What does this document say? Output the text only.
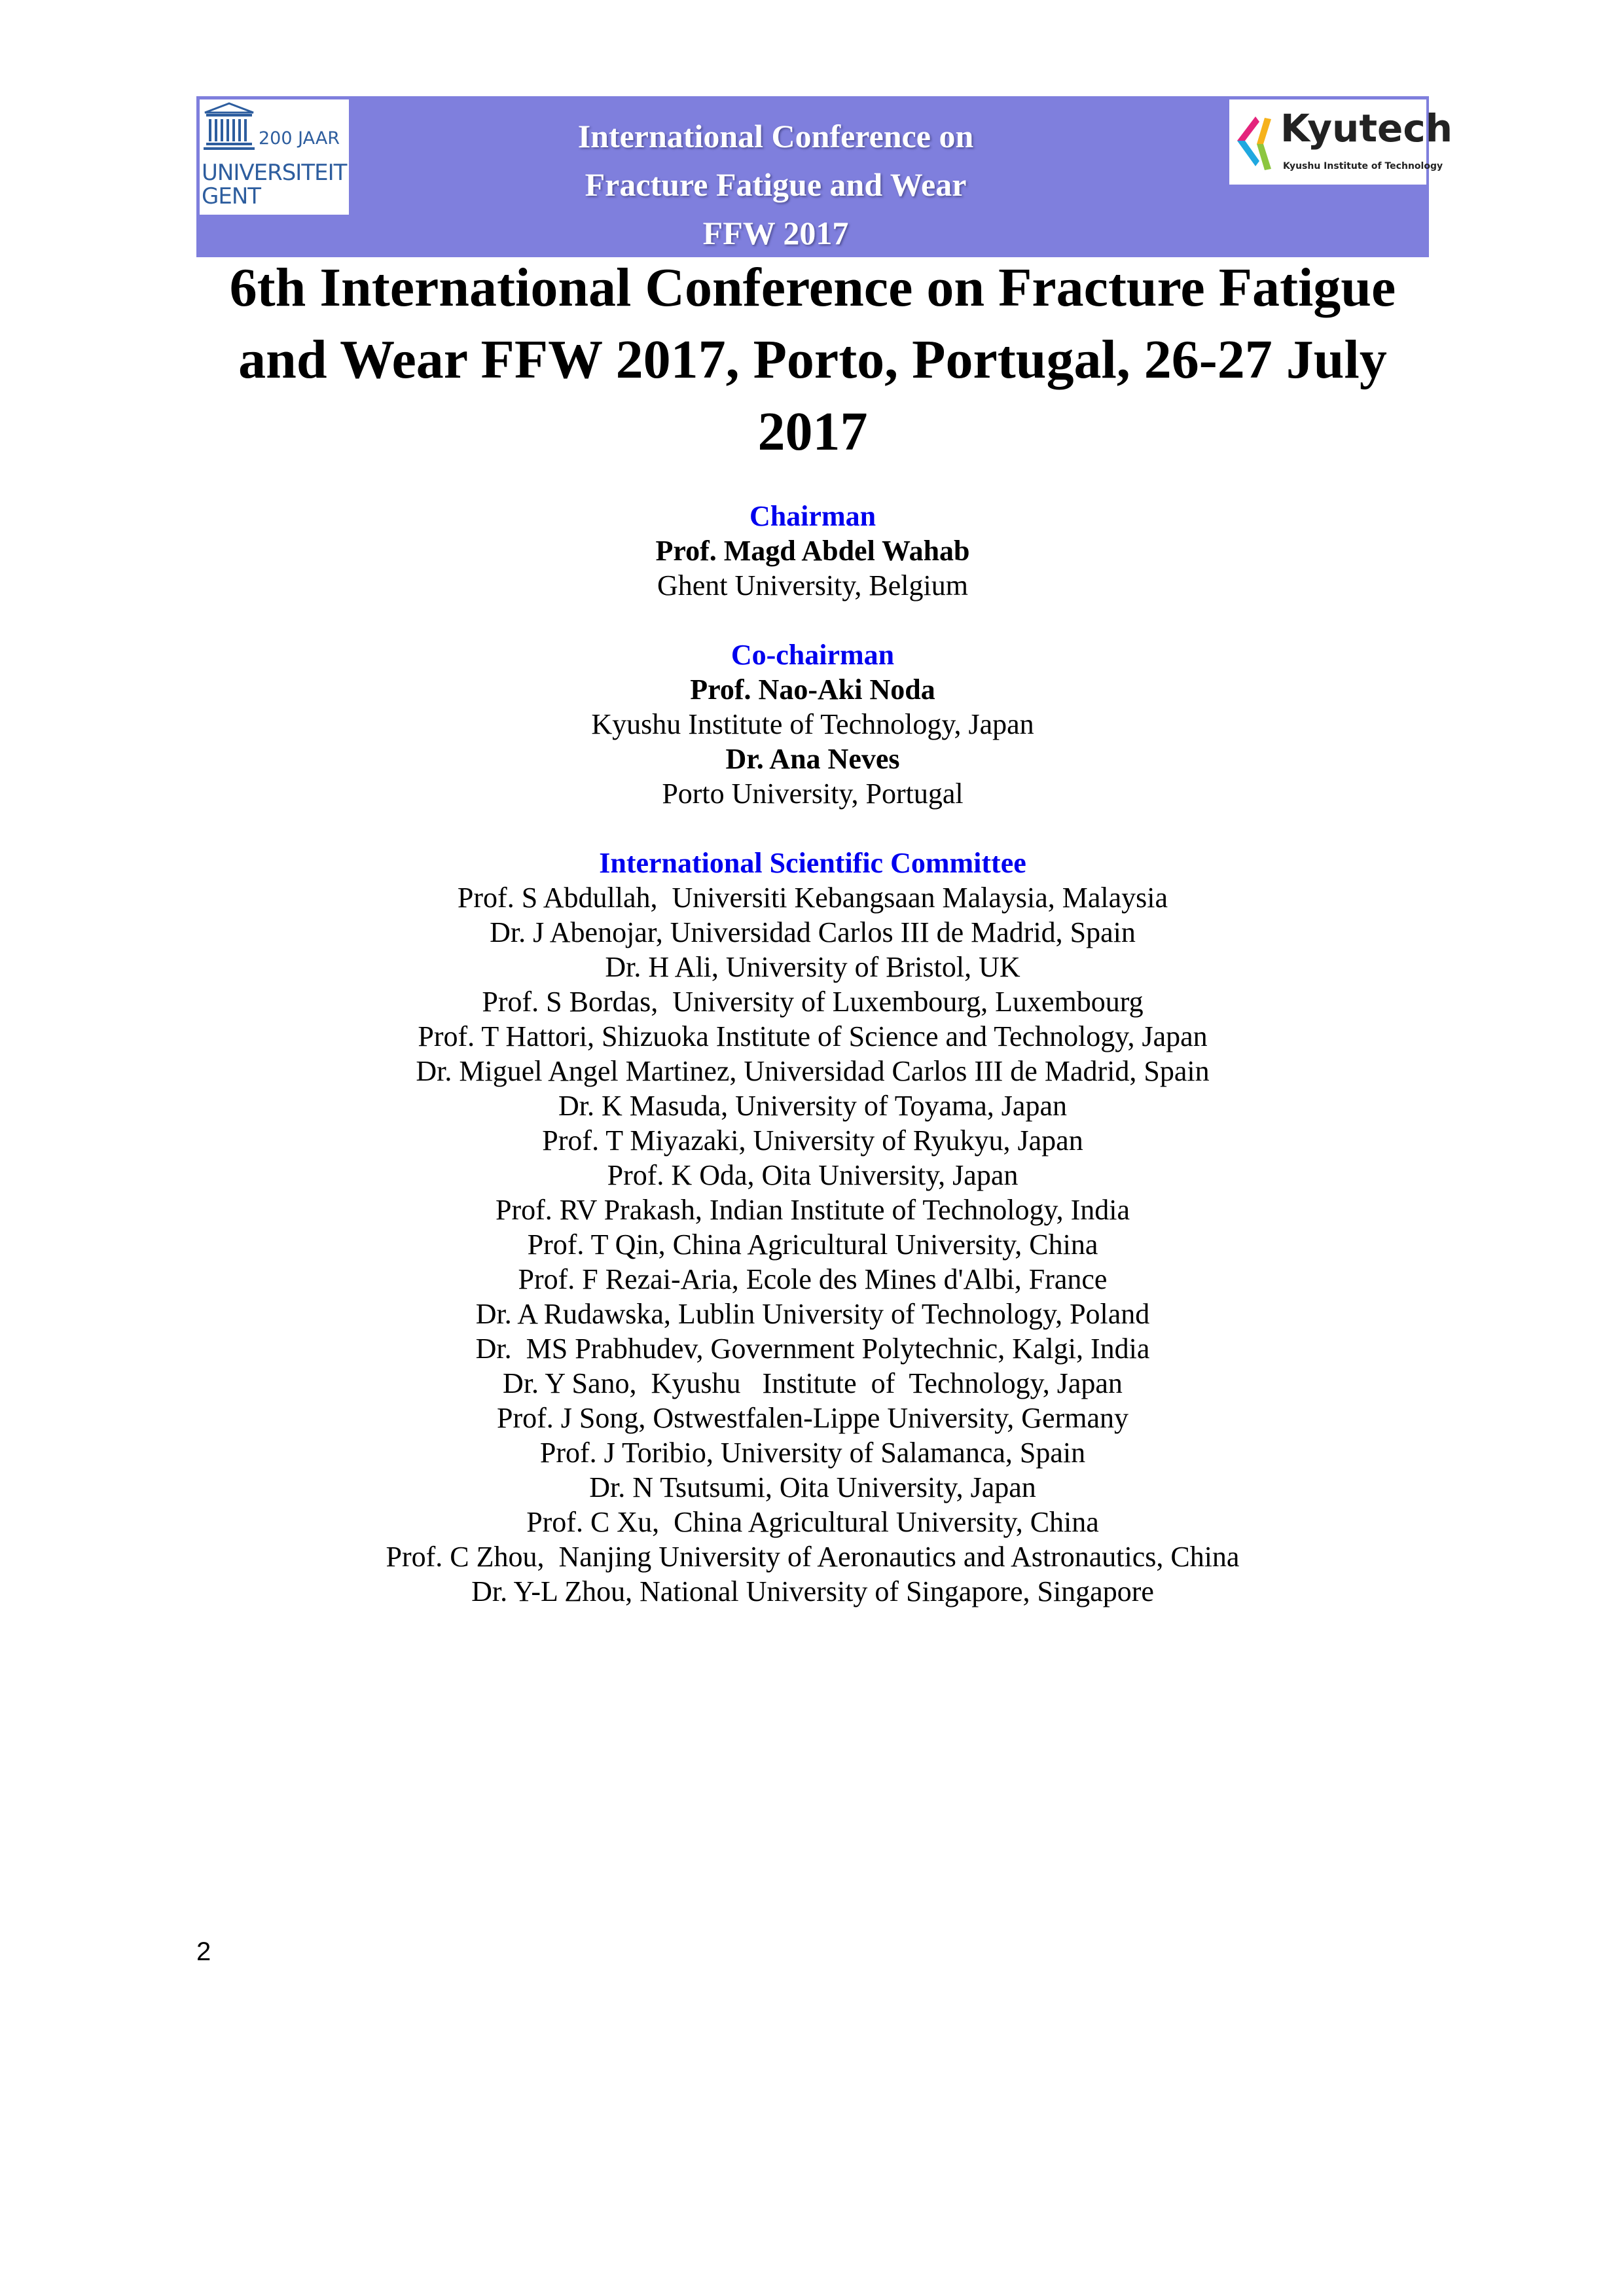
200 JAAR
UNIVERSITEIT
GENT
International Conference on
Fracture Fatigue and Wear
FFW 2017
Kyutech
Kyushu Institute of Technology
6th International Conference on Fracture Fatigue and Wear FFW 2017, Porto, Portugal, 26-27 July 2017
Chairman
Prof. Magd Abdel Wahab
Ghent University, Belgium
Co-chairman
Prof. Nao-Aki Noda
Kyushu Institute of Technology, Japan
Dr. Ana Neves
Porto University, Portugal
International Scientific Committee
Prof. S Abdullah,  Universiti Kebangsaan Malaysia, Malaysia
Dr. J Abenojar, Universidad Carlos III de Madrid, Spain
Dr. H Ali, University of Bristol, UK
Prof. S Bordas,  University of Luxembourg, Luxembourg
Prof. T Hattori, Shizuoka Institute of Science and Technology, Japan
Dr. Miguel Angel Martinez, Universidad Carlos III de Madrid, Spain
Dr. K Masuda, University of Toyama, Japan
Prof. T Miyazaki, University of Ryukyu, Japan
Prof. K Oda, Oita University, Japan
Prof. RV Prakash, Indian Institute of Technology, India
Prof. T Qin, China Agricultural University, China
Prof. F Rezai-Aria, Ecole des Mines d'Albi, France
Dr. A Rudawska, Lublin University of Technology, Poland
Dr.  MS Prabhudev, Government Polytechnic, Kalgi, India
Dr. Y Sano,  Kyushu   Institute  of  Technology, Japan
Prof. J Song, Ostwestfalen-Lippe University, Germany
Prof. J Toribio, University of Salamanca, Spain
Dr. N Tsutsumi, Oita University, Japan
Prof. C Xu,  China Agricultural University, China
Prof. C Zhou,  Nanjing University of Aeronautics and Astronautics, China
Dr. Y-L Zhou, National University of Singapore, Singapore
2
